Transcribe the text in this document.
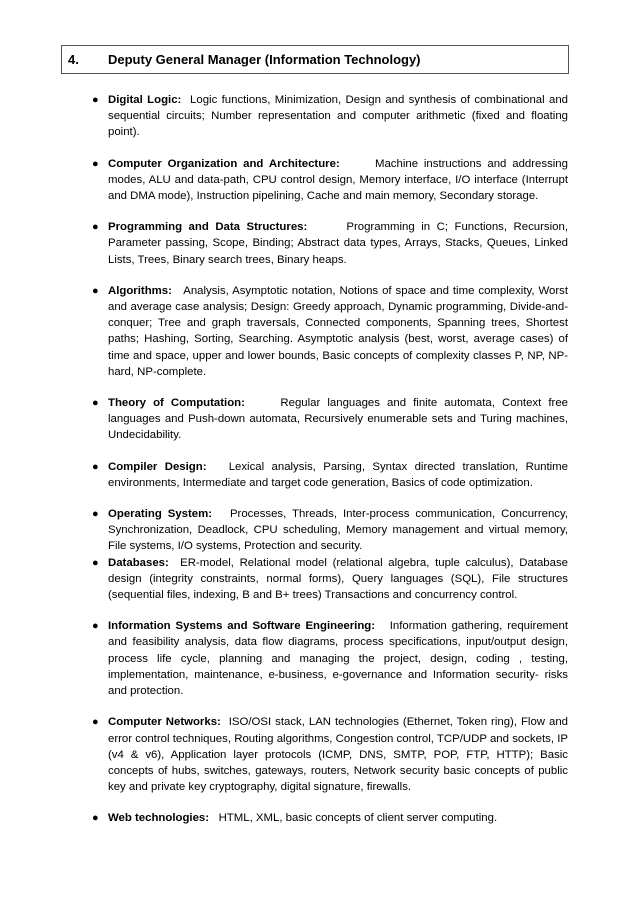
4. Deputy General Manager (Information Technology)
● Digital Logic: Logic functions, Minimization, Design and synthesis of combinational and sequential circuits; Number representation and computer arithmetic (fixed and floating point).
● Computer Organization and Architecture:	Machine instructions and addressing modes, ALU and data-path, CPU control design, Memory interface, I/O interface (Interrupt and DMA mode), Instruction pipelining, Cache and main memory, Secondary storage.
● Programming and Data Structures:	Programming in C; Functions, Recursion, Parameter passing, Scope, Binding; Abstract data types, Arrays, Stacks, Queues, Linked Lists, Trees, Binary search trees, Binary heaps.
● Algorithms: Analysis, Asymptotic notation, Notions of space and time complexity, Worst and average case analysis; Design: Greedy approach, Dynamic programming, Divide-and-conquer; Tree and graph traversals, Connected components, Spanning trees, Shortest paths; Hashing, Sorting, Searching. Asymptotic analysis (best, worst, average cases) of time and space, upper and lower bounds, Basic concepts of complexity classes P, NP, NP-hard, NP-complete.
● Theory of Computation:	Regular languages and finite automata, Context free languages and Push-down automata, Recursively enumerable sets and Turing machines, Undecidability.
● Compiler Design: Lexical analysis, Parsing, Syntax directed translation, Runtime environments, Intermediate and target code generation, Basics of code optimization.
● Operating System: Processes, Threads, Inter-process communication, Concurrency, Synchronization, Deadlock, CPU scheduling, Memory management and virtual memory, File systems, I/O systems, Protection and security.
● Databases: ER-model, Relational model (relational algebra, tuple calculus), Database design (integrity constraints, normal forms), Query languages (SQL), File structures (sequential files, indexing, B and B+ trees) Transactions and concurrency control.
● Information Systems and Software Engineering: Information gathering, requirement and feasibility analysis, data flow diagrams, process specifications, input/output design, process life cycle, planning and managing the project, design, coding , testing, implementation, maintenance, e-business, e-governance and Information security- risks and protection.
● Computer Networks: ISO/OSI stack, LAN technologies (Ethernet, Token ring), Flow and error control techniques, Routing algorithms, Congestion control, TCP/UDP and sockets, IP (v4 & v6), Application layer protocols (ICMP, DNS, SMTP, POP, FTP, HTTP); Basic concepts of hubs, switches, gateways, routers, Network security basic concepts of public key and private key cryptography, digital signature, firewalls.
● Web technologies: HTML, XML, basic concepts of client server computing.
